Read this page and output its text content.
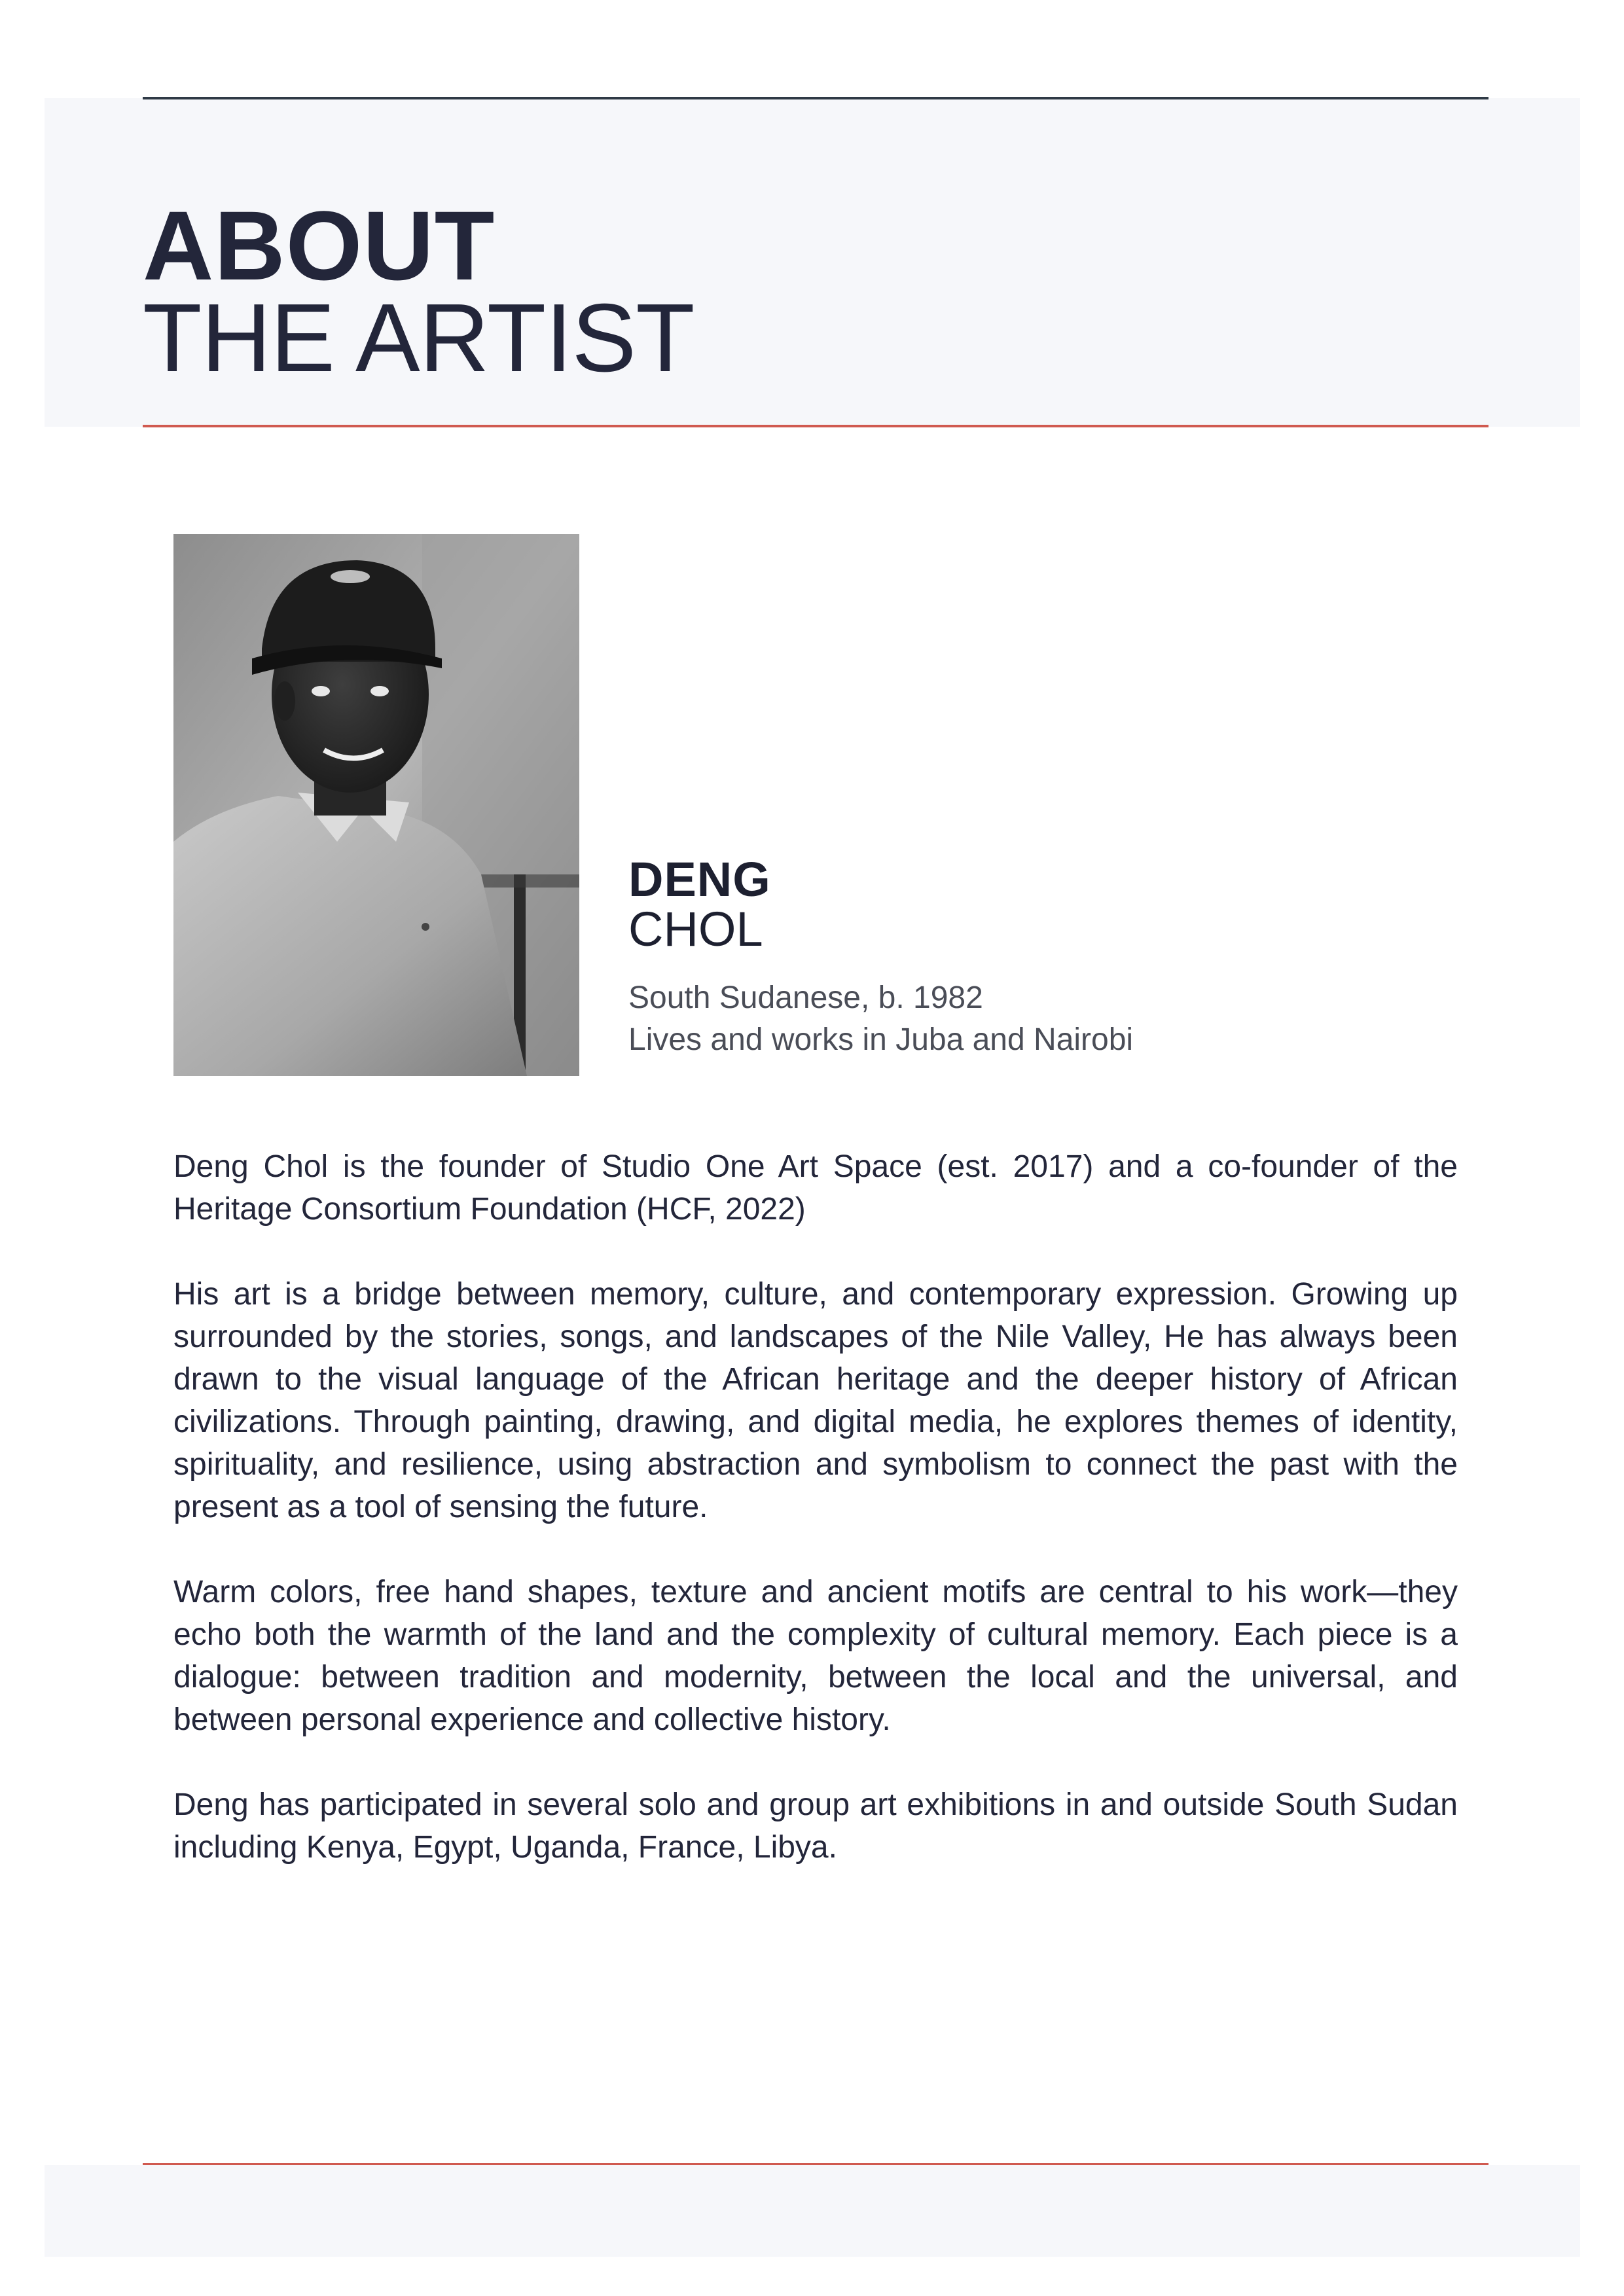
ABOUT
THE ARTIST
DENG
CHOL
South Sudanese, b. 1982
Lives and works in Juba and Nairobi

Deng Chol is the founder of Studio One Art Space (est. 2017) and a co-founder of the Heritage Consortium Foundation (HCF, 2022)

His art is a bridge between memory, culture, and contemporary expression. Growing up surrounded by the stories, songs, and landscapes of the Nile Valley, He has always been drawn to the visual language of the African heritage and the deeper history of African civilizations. Through painting, drawing, and digital media, he explores themes of identity, spirituality, and resilience, using abstraction and symbolism to connect the past with the present as a tool of sensing the future.

Warm colors, free hand shapes, texture and ancient motifs are central to his work—they echo both the warmth of the land and the complexity of cultural memory. Each piece is a dialogue: between tradition and modernity, between the local and the universal, and between personal experience and collective history.

Deng has participated in several solo and group art exhibitions in and outside South Sudan including Kenya, Egypt, Uganda, France, Libya.
